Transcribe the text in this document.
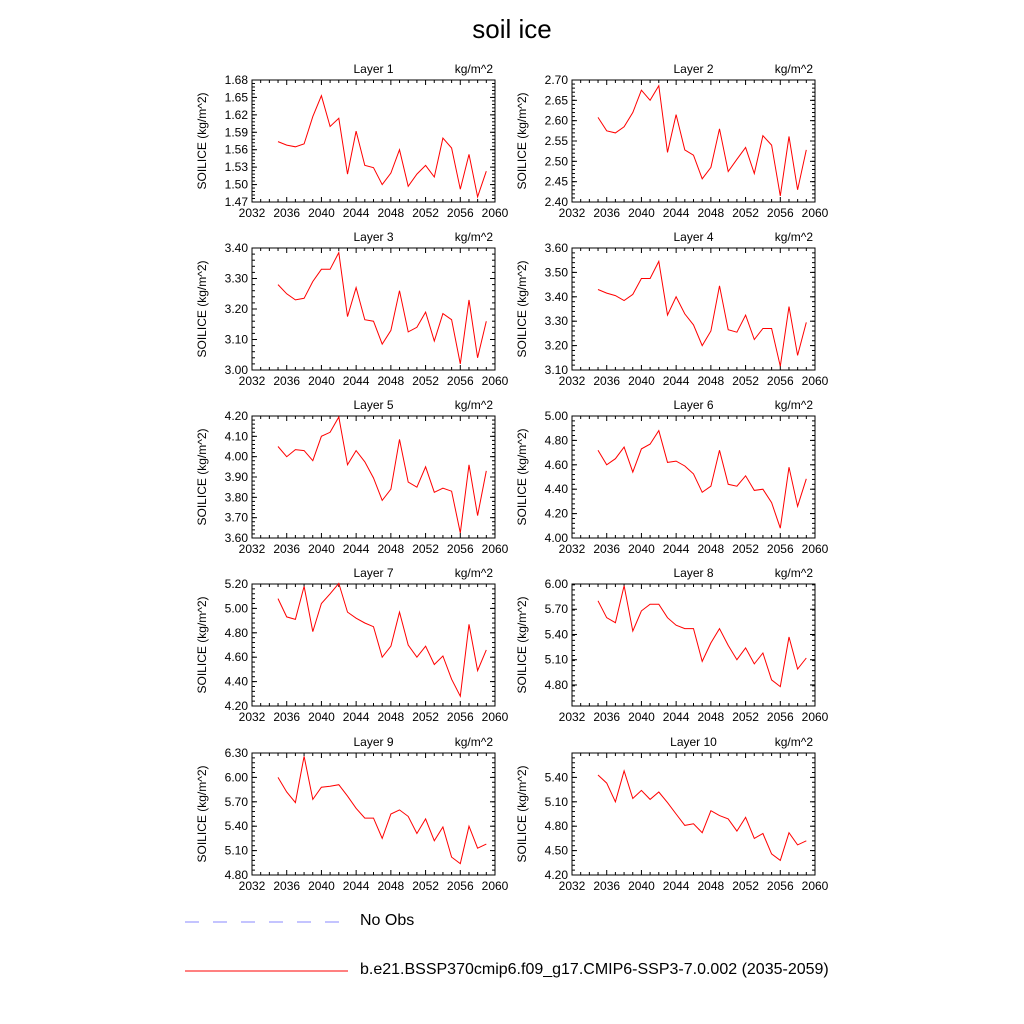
soil ice
Layer 1	kg/m^2
SOILICE (kg/m^2)
2032 2036 2040 2044 2048 2052 2056 2060
1.47
1.50
1.53
1.56
1.59
1.62
1.65
1.68
Layer 2	kg/m^2
SOILICE (kg/m^2)
2032 2036 2040 2044 2048 2052 2056 2060
2.40
2.45
2.50
2.55
2.60
2.65
2.70
Layer 3	kg/m^2
SOILICE (kg/m^2)
2032 2036 2040 2044 2048 2052 2056 2060
3.00
3.10
3.20
3.30
3.40
Layer 4	kg/m^2
SOILICE (kg/m^2)
2032 2036 2040 2044 2048 2052 2056 2060
3.10
3.20
3.30
3.40
3.50
3.60
Layer 5	kg/m^2
SOILICE (kg/m^2)
2032 2036 2040 2044 2048 2052 2056 2060
3.60
3.70
3.80
3.90
4.00
4.10
4.20
Layer 6	kg/m^2
SOILICE (kg/m^2)
2032 2036 2040 2044 2048 2052 2056 2060
4.00
4.20
4.40
4.60
4.80
5.00
Layer 7	kg/m^2
SOILICE (kg/m^2)
2032 2036 2040 2044 2048 2052 2056 2060
4.20
4.40
4.60
4.80
5.00
5.20
Layer 8	kg/m^2
SOILICE (kg/m^2)
2032 2036 2040 2044 2048 2052 2056 2060
4.80
5.10
5.40
5.70
6.00
Layer 9	kg/m^2
SOILICE (kg/m^2)
2032 2036 2040 2044 2048 2052 2056 2060
4.80
5.10
5.40
5.70
6.00
6.30
Layer 10	kg/m^2
SOILICE (kg/m^2)
2032 2036 2040 2044 2048 2052 2056 2060
4.20
4.50
4.80
5.10
5.40
No Obs
b.e21.BSSP370cmip6.f09_g17.CMIP6-SSP3-7.0.002 (2035-2059)
